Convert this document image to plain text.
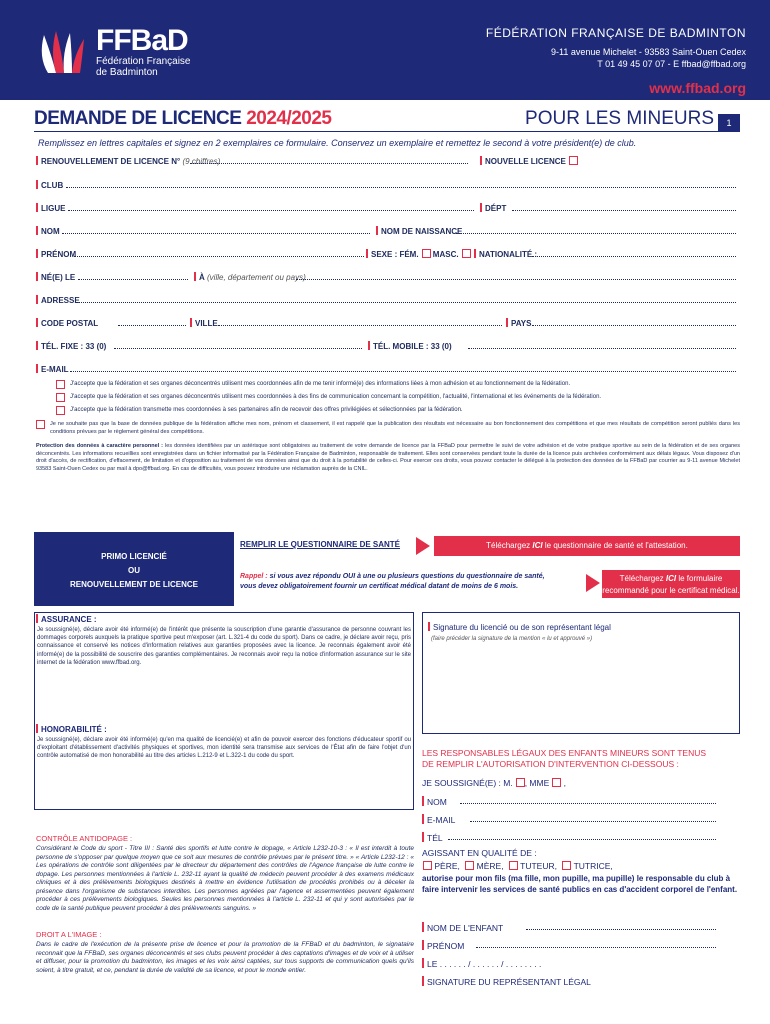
FFBaD
Fédération Française
de Badminton
FÉDÉRATION FRANÇAISE DE BADMINTON
9-11 avenue Michelet - 93583 Saint-Ouen Cedex
T 01 49 45 07 07 - E ffbad@ffbad.org
www.ffbad.org
DEMANDE DE LICENCE 2024/2025	POUR LES MINEURS	1
Remplissez en lettres capitales et signez en 2 exemplaires ce formulaire. Conservez un exemplaire et remettez le second à votre président(e) de club.
RENOUVELLEMENT DE LICENCE N° (9 chiffres)	NOUVELLE LICENCE
CLUB
LIGUE	DÉPT
NOM	NOM DE NAISSANCE
PRÉNOM	SEXE : FÉM. MASC.	NATIONALITÉ :
NÉ(E) LE	À (ville, département ou pays)
ADRESSE
CODE POSTAL	VILLE	PAYS
TÉL. FIXE : 33 (0)	TÉL. MOBILE : 33 (0)
E-MAIL
J'accepte que la fédération et ses organes déconcentrés utilisent mes coordonnées afin de me tenir informé(e) des informations liées à mon adhésion et au fonctionnement de la fédération.
J'accepte que la fédération et ses organes déconcentrés utilisent mes coordonnées à des fins de communication concernant la compétition, l'actualité, l'international et les événements de la fédération.
J'accepte que la fédération transmette mes coordonnées à ses partenaires afin de recevoir des offres privilégiées et sélectionnées par la fédération.
Je ne souhaite pas que la base de données publique de la fédération affiche mes nom, prénom et classement, il est rappelé que la publication des résultats est nécessaire au bon fonctionnement des compétitions et que mes résultats de compétition seront publiés dans les conditions prévues par le règlement général des compétitions.
Protection des données à caractère personnel : les données identifiées par un astérisque sont obligatoires au traitement de votre demande de licence par la FFBaD pour permettre le suivi de votre adhésion et de votre pratique sportive au sein de la fédération et de ses organes déconcentrés. Les informations recueillies sont enregistrées dans un fichier informatisé par la Fédération Française de Badminton, responsable de traitement. Elles sont conservées pendant toute la durée de la licence puis archivées conformément aux délais légaux. Vous disposez d'un droit d'accès, de rectification, d'effacement, de limitation et d'opposition au traitement de vos données ainsi que du droit à la portabilité de celles-ci. Pour exercer ces droits, vous pouvez contacter le délégué à la protection des données de la FFBaD par courrier au 9-11 avenue Michelet 93583 Saint-Ouen Cedex ou par mail à dpo@ffbad.org. En cas de difficultés, vous pouvez introduire une réclamation auprès de la CNIL.
PRIMO LICENCIÉ
OU
RENOUVELLEMENT DE LICENCE
REMPLIR LE QUESTIONNAIRE DE SANTÉ	Téléchargez ICI le questionnaire de santé et l'attestation.
Rappel : si vous avez répondu OUI à une ou plusieurs questions du questionnaire de santé,
vous devez obligatoirement fournir un certificat médical datant de moins de 6 mois.
Téléchargez ICI le formulaire
recommandé pour le certificat médical.
ASSURANCE :
Je soussigné(e), déclare avoir été informé(e) de l'intérêt que présente la souscription d'une garantie d'assurance de personne couvrant les dommages corporels auxquels la pratique sportive peut m'exposer (art. L.321-4 du code du sport). Dans ce cadre, je déclare avoir reçu, pris connaissance et conservé les notices d'information relatives aux garanties proposées avec la licence. Je reconnais également avoir été informé(e) de la possibilité de souscrire des garanties complémentaires. Je reconnais avoir reçu la notice d'information assurance sur le site internet de la fédération www.ffbad.org.
HONORABILITÉ :
Je soussigné(e), déclare avoir été informé(e) qu'en ma qualité de licencié(e) et afin de pouvoir exercer des fonctions d'éducateur sportif ou d'exploitant d'établissement d'activités physiques et sportives, mon identité sera transmise aux services de l'État afin de faire l'objet d'un contrôle automatisé de mon honorabilité au titre des articles L.212-9 et L.322-1 du code du sport.
Signature du licencié ou de son représentant légal
(faire précéder la signature de la mention « lu et approuvé »)
CONTRÔLE ANTIDOPAGE :
Considérant le Code du sport - Titre III : Santé des sportifs et lutte contre le dopage, « Article L232-10-3 : « Il est interdit à toute personne de s'opposer par quelque moyen que ce soit aux mesures de contrôle prévues par le présent titre. » « Article L232-12 : « Les opérations de contrôle sont diligentées par le directeur du département des contrôles de l'Agence française de lutte contre le dopage. Les personnes mentionnées à l'article L. 232-11 ayant la qualité de médecin peuvent procéder à des examens médicaux cliniques et à des prélèvements biologiques destinés à mettre en évidence l'utilisation de procédés prohibés ou à déceler la présence dans l'organisme de substances interdites. Les personnes agréées par l'agence et assermentées peuvent également procéder à ces prélèvements biologiques. Seules les personnes mentionnées à l'article L. 232-11 et qui y sont autorisées par le code de la santé publique peuvent procéder à des prélèvements sanguins. »
DROIT A L'IMAGE :
Dans le cadre de l'exécution de la présente prise de licence et pour la promotion de la FFBaD et du badminton, le signataire reconnait que la FFBaD, ses organes déconcentrés et ses clubs peuvent procéder à des captations d'images et de voix et à utiliser et diffuser, pour la promotion du badminton, les images et les voix ainsi captées, sur tous supports de communication quels qu'ils soient, à titre gratuit, et ce, pendant la durée de validité de sa licence, et pour le monde entier.
LES RESPONSABLES LÉGAUX DES ENFANTS MINEURS SONT TENUS
DE REMPLIR L'AUTORISATION D'INTERVENTION CI-DESSOUS :
JE SOUSSIGNÉ(E) : M. , MME ,
NOM
E-MAIL
TÉL
AGISSANT EN QUALITÉ DE :
PÈRE, MÈRE, TUTEUR, TUTRICE,
autorise pour mon fils (ma fille, mon pupille, ma pupille) le responsable du club à faire intervenir les services de santé publics en cas d'accident corporel de l'enfant.
NOM DE L'ENFANT
PRÉNOM
LE . . . . . . / . . . . . . / . . . . . . . .
SIGNATURE DU REPRÉSENTANT LÉGAL
